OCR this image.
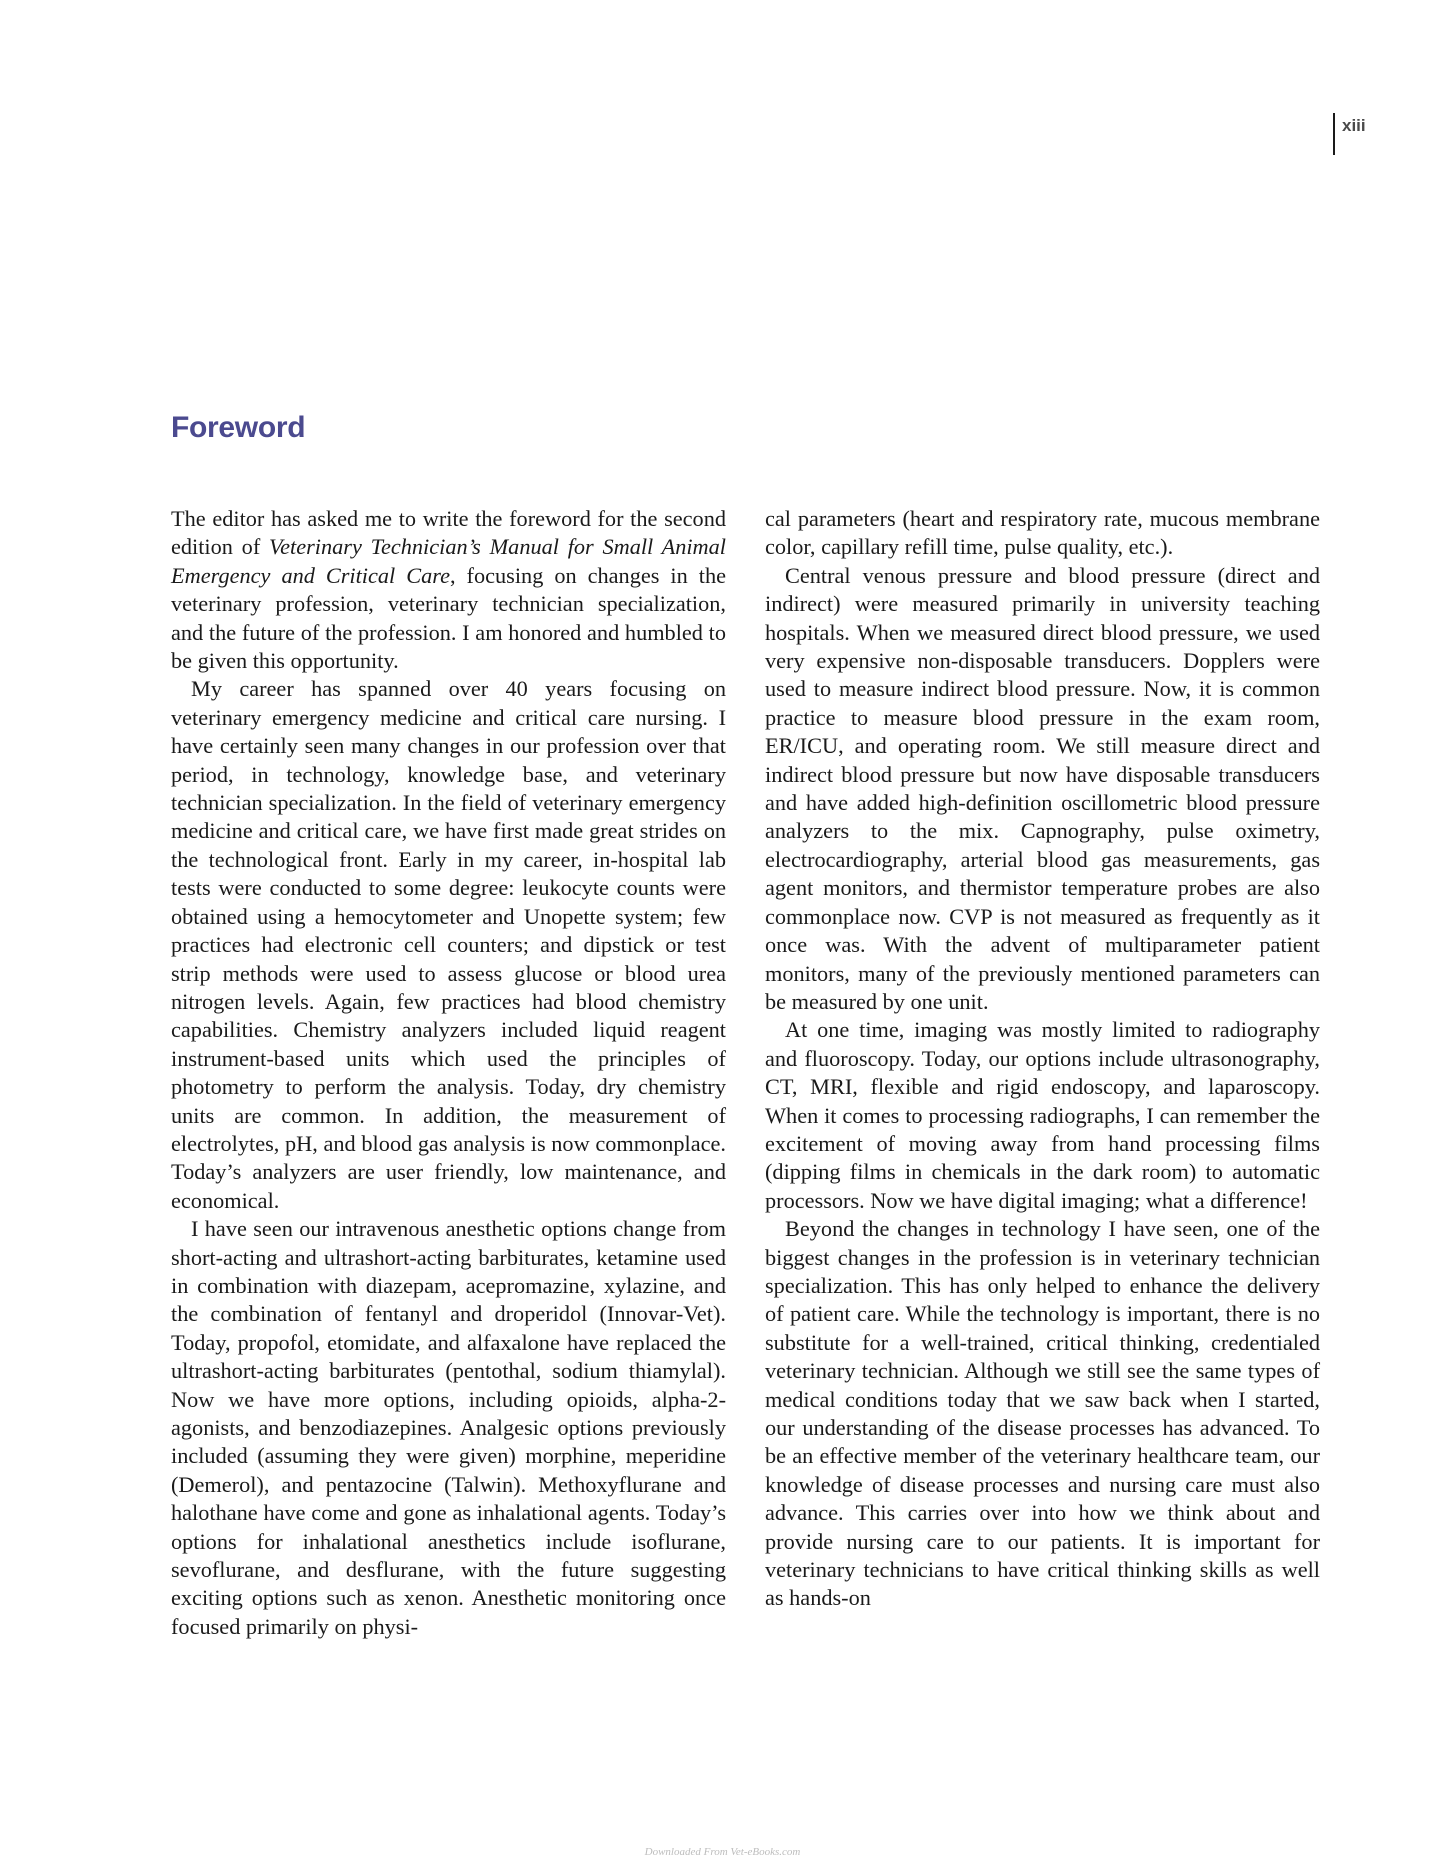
xiii
Foreword

The editor has asked me to write the foreword for the second edition of Veterinary Technician’s Manual for Small Animal Emergency and Critical Care, focusing on changes in the veterinary profession, veterinary technician specialization, and the future of the profession. I am honored and humbled to be given this opportunity.

My career has spanned over 40 years focusing on veterinary emergency medicine and critical care nursing. I have certainly seen many changes in our profession over that period, in technology, knowledge base, and veterinary technician specialization. In the field of veterinary emergency medicine and critical care, we have first made great strides on the technological front. Early in my career, in-hospital lab tests were conducted to some degree: leukocyte counts were obtained using a hemocytometer and Unopette system; few practices had electronic cell counters; and dipstick or test strip methods were used to assess glucose or blood urea nitrogen levels. Again, few practices had blood chemistry capabilities. Chemistry analyzers included liquid reagent instrument-based units which used the principles of photometry to perform the analysis. Today, dry chemistry units are common. In addition, the measurement of electrolytes, pH, and blood gas analysis is now commonplace. Today’s analyzers are user friendly, low maintenance, and economical.

I have seen our intravenous anesthetic options change from short-acting and ultrashort-acting barbiturates, ketamine used in combination with diazepam, acepromazine, xylazine, and the combination of fentanyl and droperidol (Innovar-Vet). Today, propofol, etomidate, and alfaxalone have replaced the ultrashort-acting barbiturates (pentothal, sodium thiamylal). Now we have more options, including opioids, alpha-2-agonists, and benzodiazepines. Analgesic options previously included (assuming they were given) morphine, meperidine (Demerol), and pentazocine (Talwin). Methoxyflurane and halothane have come and gone as inhalational agents. Today’s options for inhalational anesthetics include isoflurane, sevoflurane, and desflurane, with the future suggesting exciting options such as xenon. Anesthetic monitoring once focused primarily on physi-

cal parameters (heart and respiratory rate, mucous membrane color, capillary refill time, pulse quality, etc.).

Central venous pressure and blood pressure (direct and indirect) were measured primarily in university teaching hospitals. When we measured direct blood pressure, we used very expensive non-disposable transducers. Dopplers were used to measure indirect blood pressure. Now, it is common practice to measure blood pressure in the exam room, ER/ICU, and operating room. We still measure direct and indirect blood pressure but now have disposable transducers and have added high-definition oscillometric blood pressure analyzers to the mix. Capnography, pulse oximetry, electrocardiography, arterial blood gas measurements, gas agent monitors, and thermistor temperature probes are also commonplace now. CVP is not measured as frequently as it once was. With the advent of multiparameter patient monitors, many of the previously mentioned parameters can be measured by one unit.

At one time, imaging was mostly limited to radiography and fluoroscopy. Today, our options include ultrasonography, CT, MRI, flexible and rigid endoscopy, and laparoscopy. When it comes to processing radiographs, I can remember the excitement of moving away from hand processing films (dipping films in chemicals in the dark room) to automatic processors. Now we have digital imaging; what a difference!

Beyond the changes in technology I have seen, one of the biggest changes in the profession is in veterinary technician specialization. This has only helped to enhance the delivery of patient care. While the technology is important, there is no substitute for a well-trained, critical thinking, credentialed veterinary technician. Although we still see the same types of medical conditions today that we saw back when I started, our understanding of the disease processes has advanced. To be an effective member of the veterinary healthcare team, our knowledge of disease processes and nursing care must also advance. This carries over into how we think about and provide nursing care to our patients. It is important for veterinary technicians to have critical thinking skills as well as hands-on

Downloaded From Vet-eBooks.com
